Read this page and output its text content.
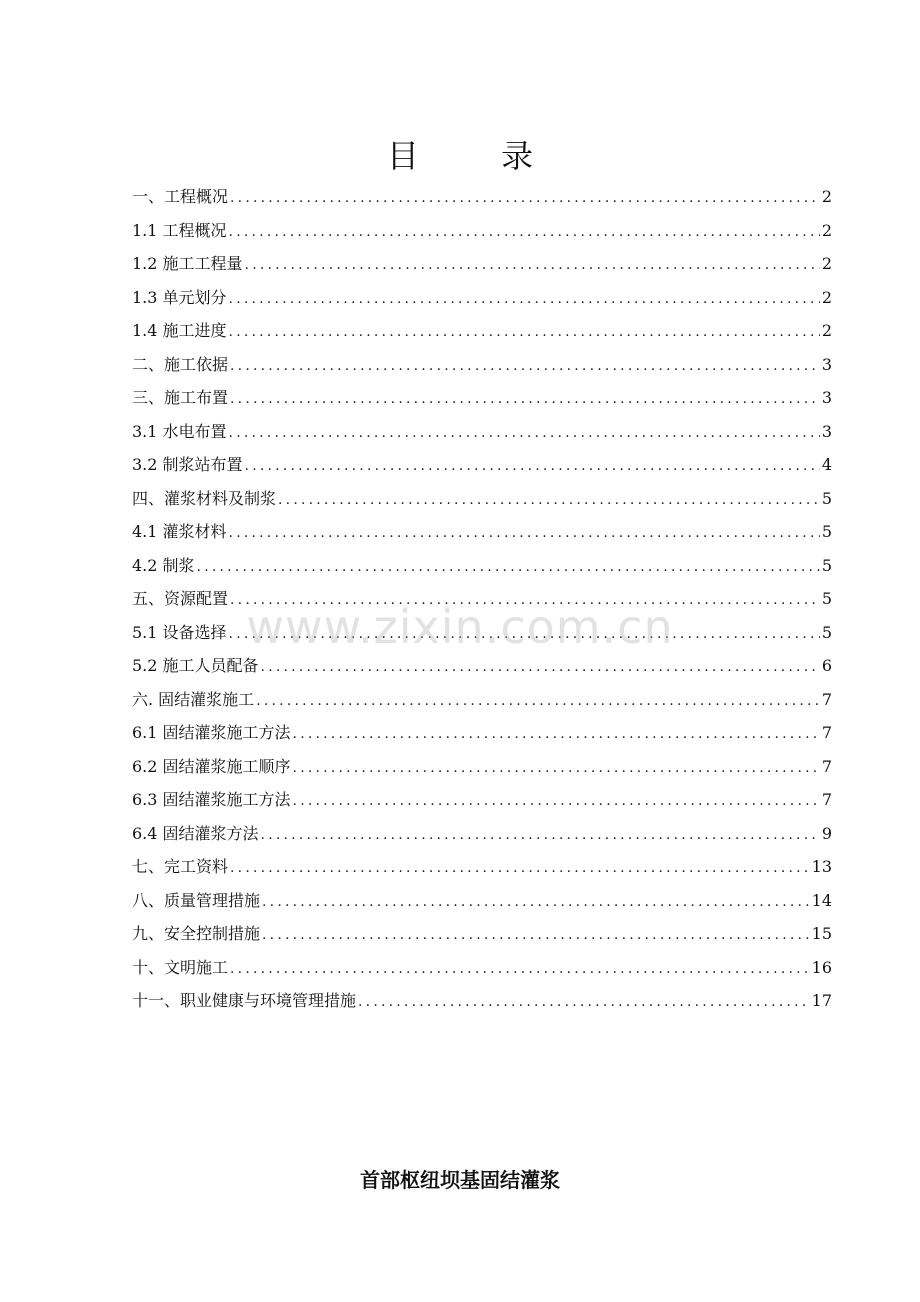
目 录
一、工程概况 .....	2
1.1 工程概况 .....	2
1.2 施工工程量 .....	2
1.3 单元划分 .....	2
1.4 施工进度 .....	2
二、施工依据 .....	3
三、施工布置 .....	3
3.1 水电布置 .....	3
3.2 制浆站布置 .....	4
四、灌浆材料及制浆 .....	5
4.1 灌浆材料 .....	5
4.2 制浆 .....	5
五、资源配置 .....	5
5.1 设备选择 .....	5
5.2 施工人员配备 .....	6
六. 固结灌浆施工 .....	7
6.1 固结灌浆施工方法 .....	7
6.2 固结灌浆施工顺序 .....	7
6.3 固结灌浆施工方法 .....	7
6.4 固结灌浆方法 .....	9
七、完工资料 .....	13
八、质量管理措施 .....	14
九、安全控制措施 .....	15
十、文明施工 .....	16
十一、职业健康与环境管理措施 .....	17
www.zixin.com.cn
首部枢纽坝基固结灌浆
